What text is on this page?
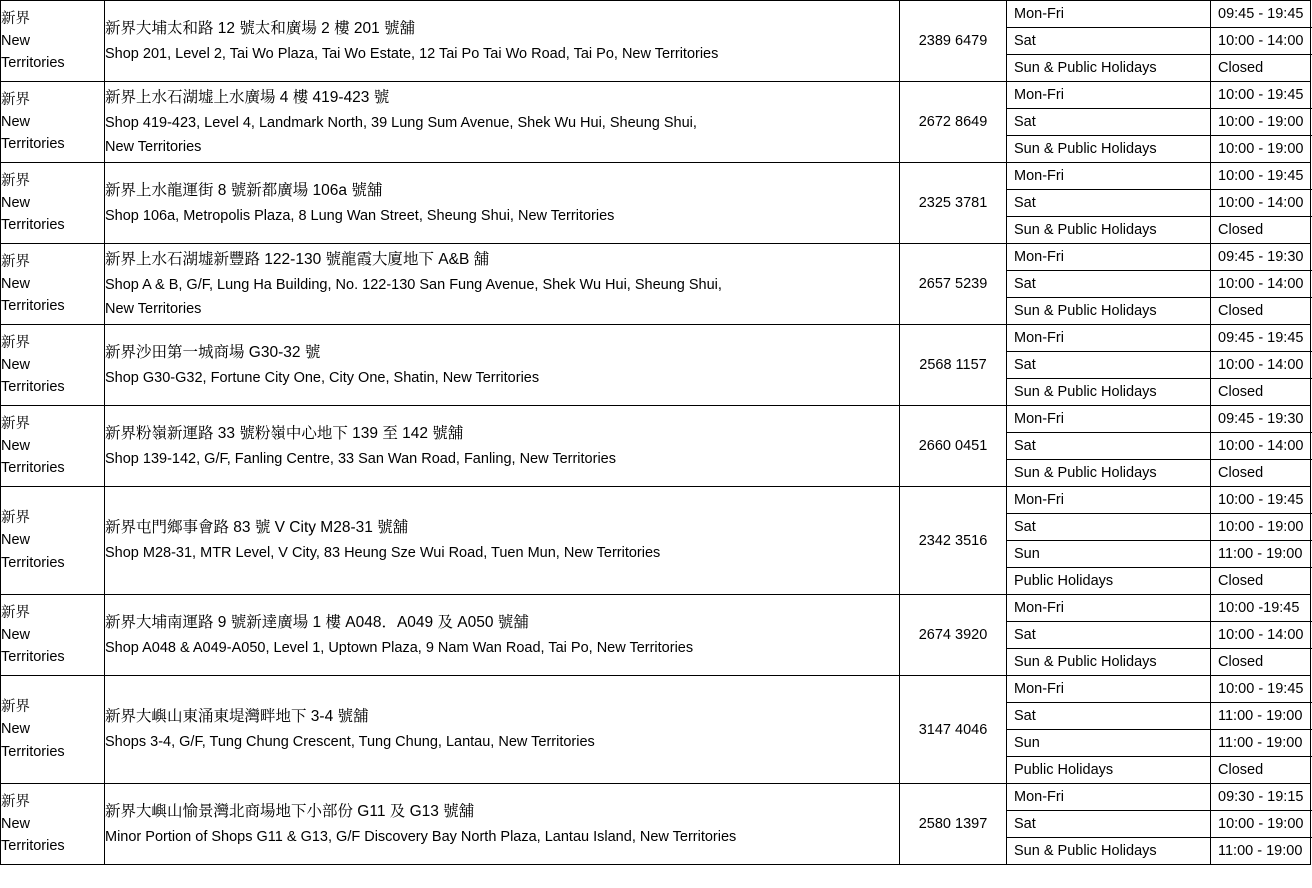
新界
New
Territories

新界大埔太和路 12 號太和廣場 2 樓 201 號舖
Shop 201, Level 2, Tai Wo Plaza, Tai Wo Estate, 12 Tai Po Tai Wo Road, Tai Po, New Territories
	2389 6479	
Mon-Fri	09:45 - 19:45
Sat	10:00 - 14:00
Sun & Public Holidays	Closed

新界
New
Territories

新界上水石湖墟上水廣場 4 樓 419-423 號
Shop 419-423, Level 4, Landmark North, 39 Lung Sum Avenue, Shek Wu Hui, Sheung Shui,
New Territories
	2672 8649	
Mon-Fri	10:00 - 19:45
Sat	10:00 - 19:00
Sun & Public Holidays	10:00 - 19:00

新界
New
Territories

新界上水龍運街 8 號新都廣場 106a 號舖
Shop 106a, Metropolis Plaza, 8 Lung Wan Street, Sheung Shui, New Territories
	2325 3781	
Mon-Fri	10:00 - 19:45
Sat	10:00 - 14:00
Sun & Public Holidays	Closed

新界
New
Territories

新界上水石湖墟新豐路 122-130 號龍霞大廈地下 A&B 舖
Shop A & B, G/F, Lung Ha Building, No. 122-130 San Fung Avenue, Shek Wu Hui, Sheung Shui,
New Territories
	2657 5239	
Mon-Fri	09:45 - 19:30
Sat	10:00 - 14:00
Sun & Public Holidays	Closed

新界
New
Territories

新界沙田第一城商場 G30-32 號
Shop G30-G32, Fortune City One, City One, Shatin, New Territories
	2568 1157	
Mon-Fri	09:45 - 19:45
Sat	10:00 - 14:00
Sun & Public Holidays	Closed

新界
New
Territories

新界粉嶺新運路 33 號粉嶺中心地下 139 至 142 號舖
Shop 139-142, G/F, Fanling Centre, 33 San Wan Road, Fanling, New Territories
	2660 0451	
Mon-Fri	09:45 - 19:30
Sat	10:00 - 14:00
Sun & Public Holidays	Closed

新界
New
Territories

新界屯門鄉事會路 83 號 V City M28-31 號舖
Shop M28-31, MTR Level, V City, 83 Heung Sze Wui Road, Tuen Mun, New Territories
	2342 3516	
Mon-Fri	10:00 - 19:45
Sat	10:00 - 19:00
Sun	11:00 - 19:00
Public Holidays	Closed

新界
New
Territories

新界大埔南運路 9 號新達廣場 1 樓 A048．A049 及 A050 號舖
Shop A048 & A049-A050, Level 1, Uptown Plaza, 9 Nam Wan Road, Tai Po, New Territories
	2674 3920	
Mon-Fri	10:00 -19:45
Sat	10:00 - 14:00
Sun & Public Holidays	Closed

新界
New
Territories

新界大嶼山東涌東堤灣畔地下 3-4 號舖
Shops 3-4, G/F, Tung Chung Crescent, Tung Chung, Lantau, New Territories
	3147 4046	
Mon-Fri	10:00 - 19:45
Sat	11:00 - 19:00
Sun	11:00 - 19:00
Public Holidays	Closed

新界
New
Territories

新界大嶼山愉景灣北商場地下小部份 G11 及 G13 號舖
Minor Portion of Shops G11 & G13, G/F Discovery Bay North Plaza, Lantau Island, New Territories
	2580 1397	
Mon-Fri	09:30 - 19:15
Sat	10:00 - 19:00
Sun & Public Holidays	11:00 - 19:00
